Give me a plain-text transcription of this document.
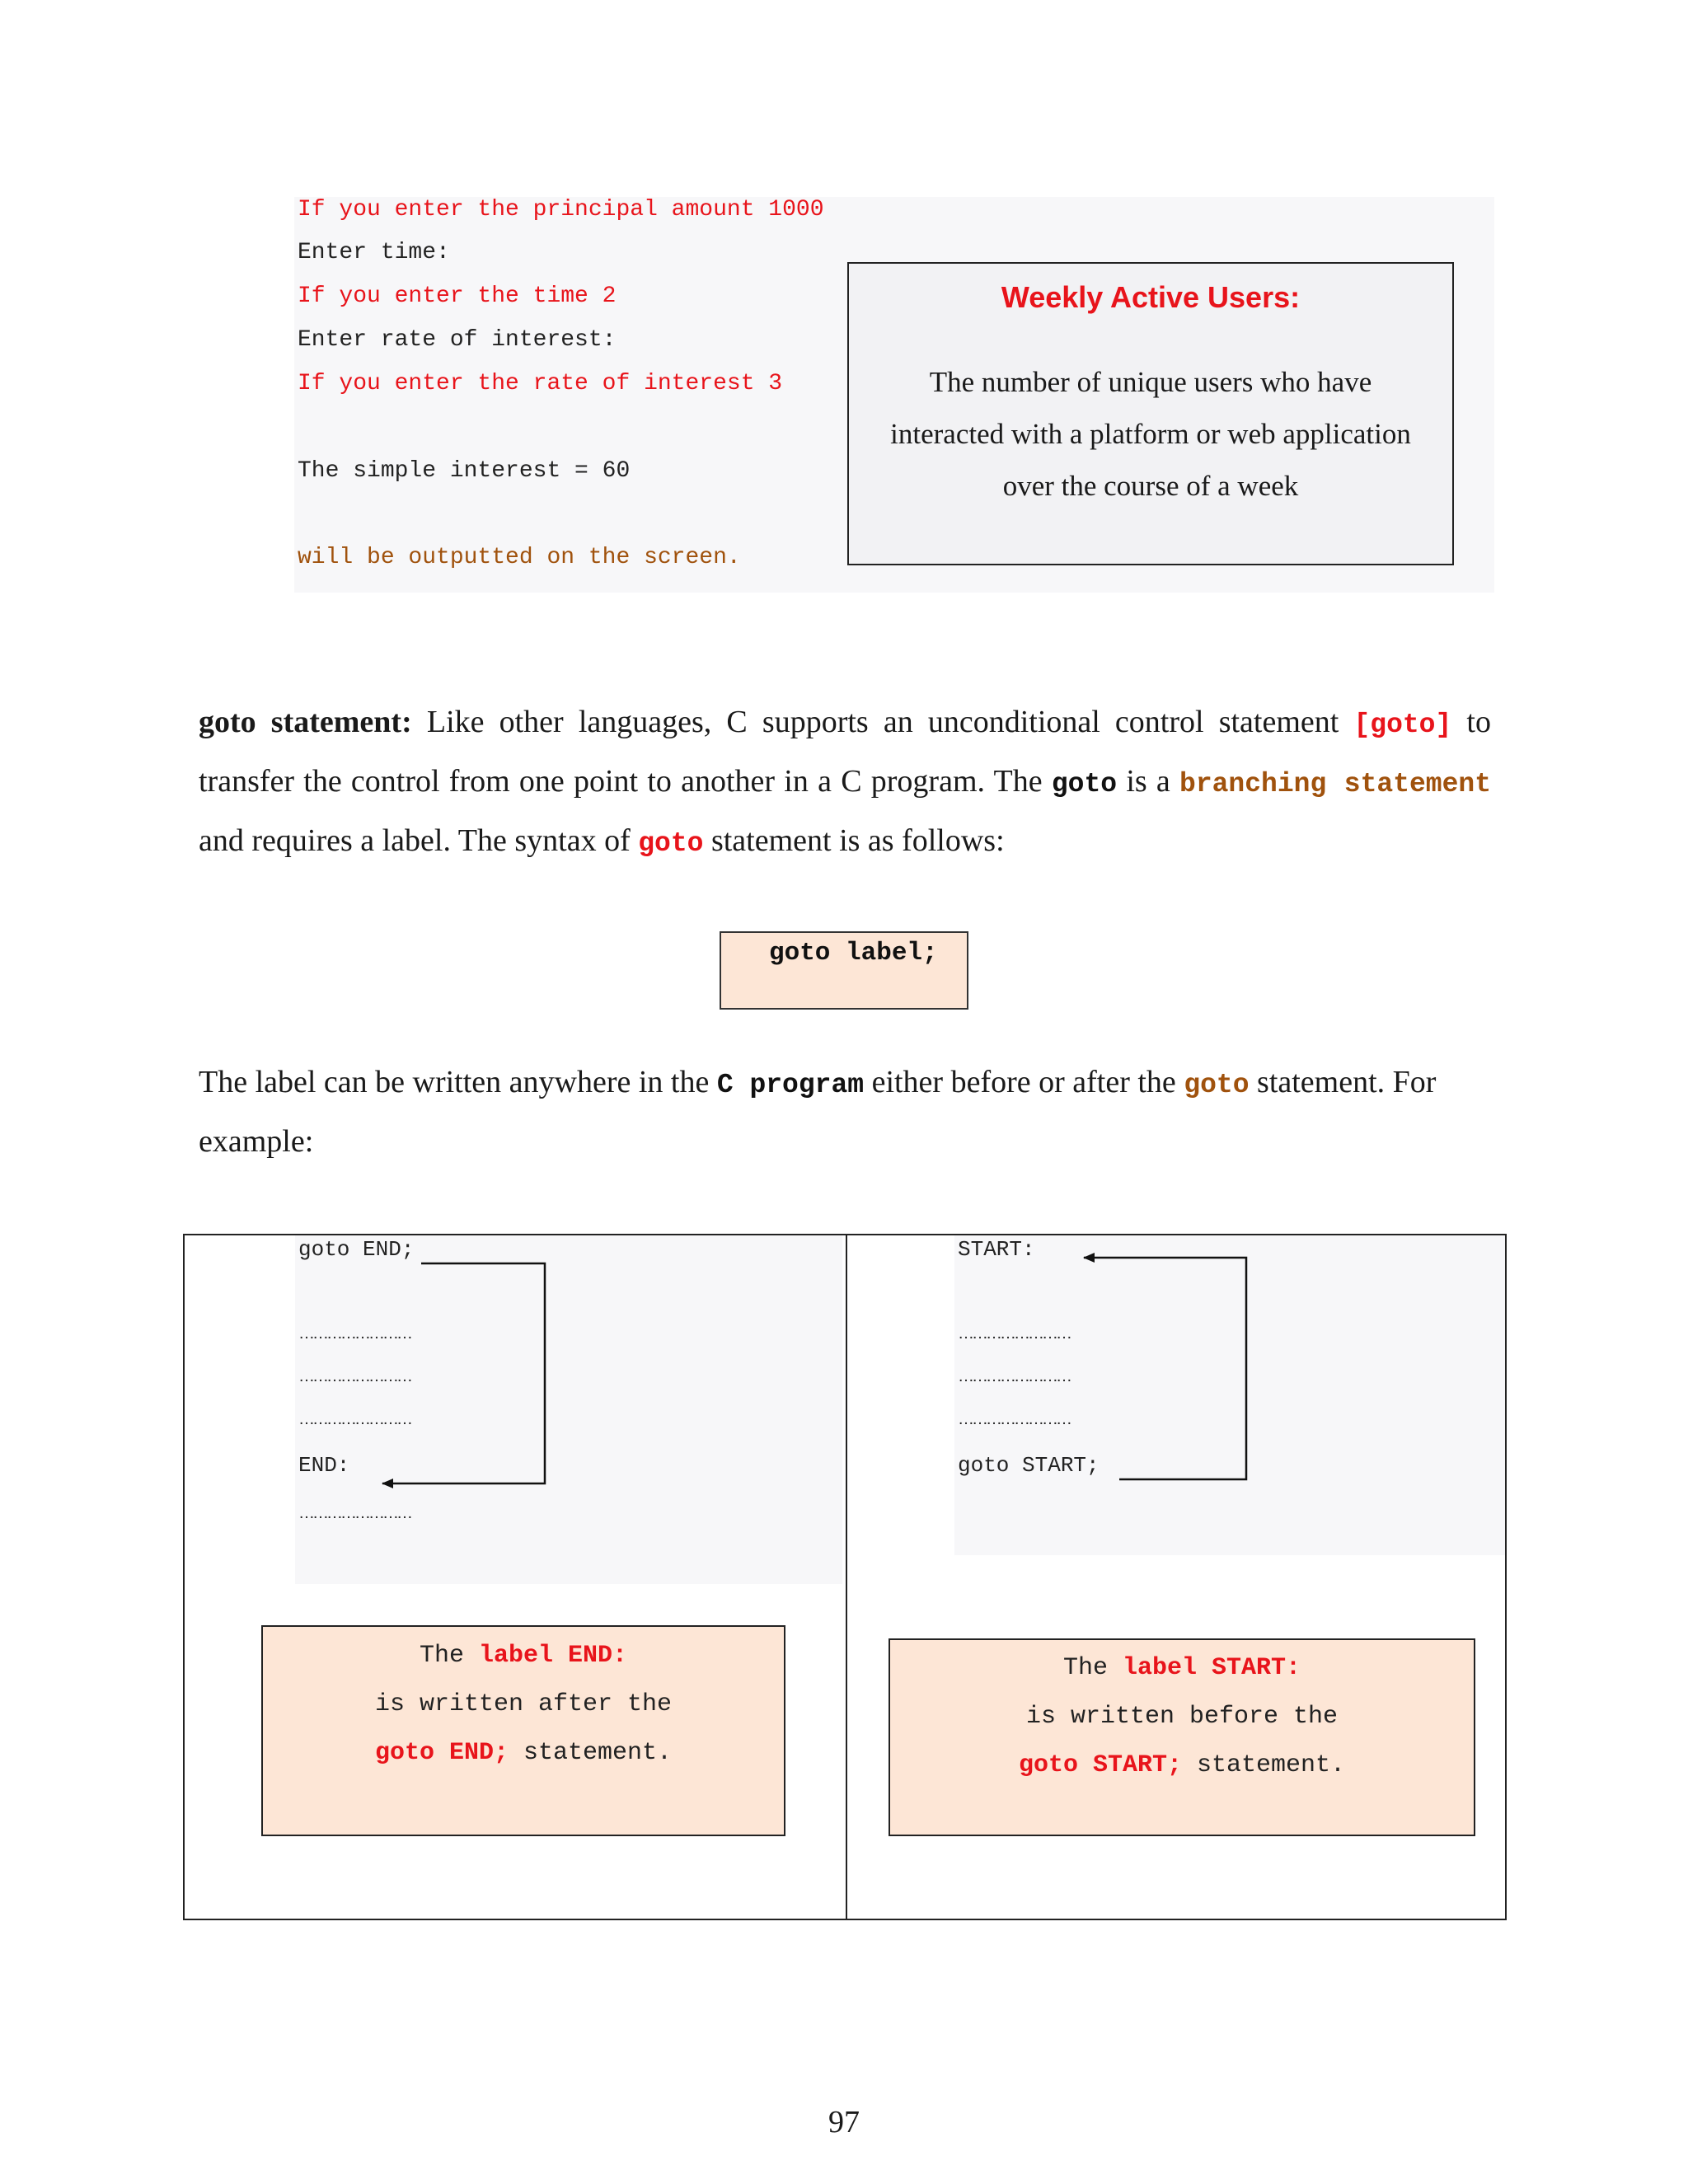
If you enter the principal amount 1000
Enter time:
If you enter the time 2
Enter rate of interest:
If you enter the rate of interest 3
The simple interest = 60
will be outputted on the screen.
Weekly Active Users:
The number of unique users who have
interacted with a platform or web application
over the course of a week
goto statement: Like other languages, C supports an unconditional control statement [goto] to transfer the control from one point to another in a C program. The goto is a branching statement and requires a label. The syntax of goto statement is as follows:
goto label;
The label can be written anywhere in the C program either before or after the goto statement. For example:
goto END;
……………………
……………………
……………………
END:
……………………
START:
……………………
……………………
……………………
goto START;
The label END:
is written after the
goto END; statement.
The label START:
is written before the
goto START; statement.
97
